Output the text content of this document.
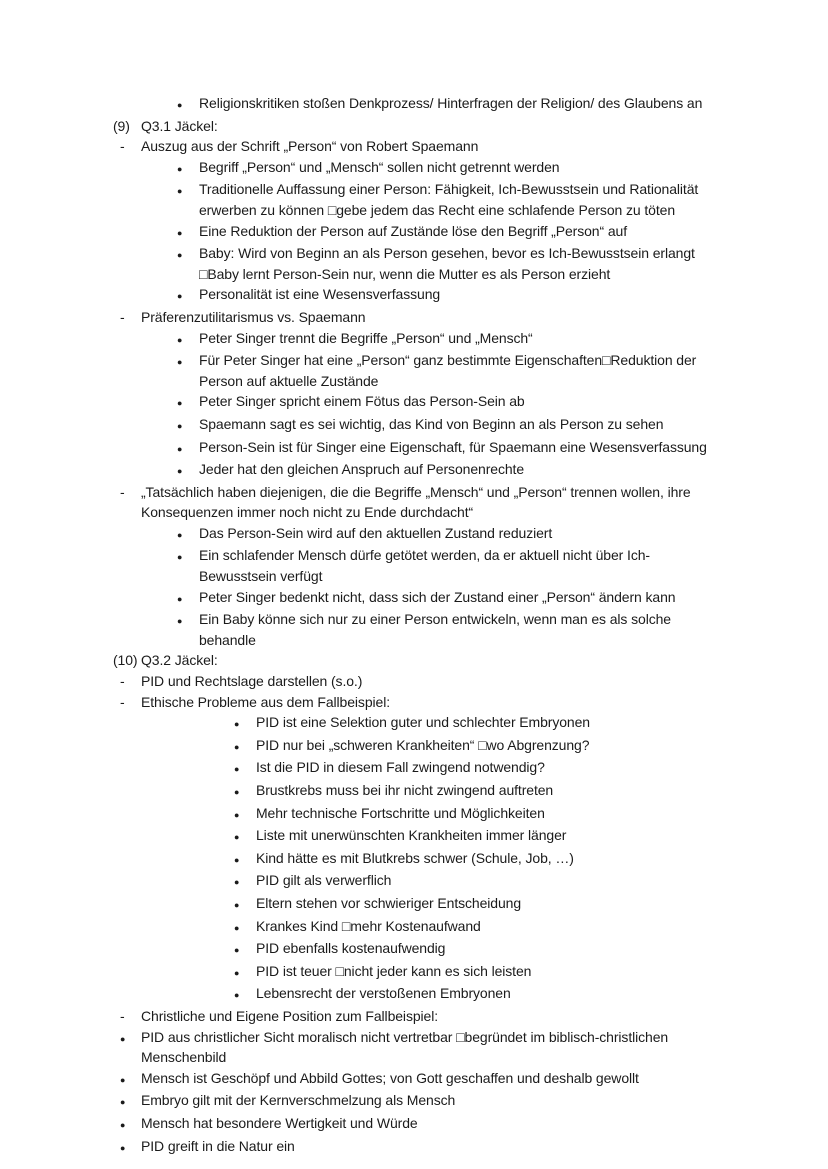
●	Religionskritiken stoßen Denkprozess/ Hinterfragen der Religion/ des Glaubens an
(9) Q3.1 Jäckel:
-	Auszug aus der Schrift „Person“ von Robert Spaemann
●	Begriff „Person“ und „Mensch“ sollen nicht getrennt werden
●	Traditionelle Auffassung einer Person: Fähigkeit, Ich-Bewusstsein und Rationalität erwerben zu können □gebe jedem das Recht eine schlafende Person zu töten
●	Eine Reduktion der Person auf Zustände löse den Begriff „Person“ auf
●	Baby: Wird von Beginn an als Person gesehen, bevor es Ich-Bewusstsein erlangt □Baby lernt Person-Sein nur, wenn die Mutter es als Person erzieht
●	Personalität ist eine Wesensverfassung
-	Präferenzutilitarismus vs. Spaemann
●	Peter Singer trennt die Begriffe „Person“ und „Mensch“
●	Für Peter Singer hat eine „Person“ ganz bestimmte Eigenschaften□Reduktion der Person auf aktuelle Zustände
●	Peter Singer spricht einem Fötus das Person-Sein ab
●	Spaemann sagt es sei wichtig, das Kind von Beginn an als Person zu sehen
●	Person-Sein ist für Singer eine Eigenschaft, für Spaemann eine Wesensverfassung
●	Jeder hat den gleichen Anspruch auf Personenrechte
-	„Tatsächlich haben diejenigen, die die Begriffe „Mensch“ und „Person“ trennen wollen, ihre Konsequenzen immer noch nicht zu Ende durchdacht“
●	Das Person-Sein wird auf den aktuellen Zustand reduziert
●	Ein schlafender Mensch dürfe getötet werden, da er aktuell nicht über Ich-Bewusstsein verfügt
●	Peter Singer bedenkt nicht, dass sich der Zustand einer „Person“ ändern kann
●	Ein Baby könne sich nur zu einer Person entwickeln, wenn man es als solche behandle
(10) Q3.2 Jäckel:
-	PID und Rechtslage darstellen (s.o.)
-	Ethische Probleme aus dem Fallbeispiel:
●	PID ist eine Selektion guter und schlechter Embryonen
●	PID nur bei „schweren Krankheiten“ □wo Abgrenzung?
●	Ist die PID in diesem Fall zwingend notwendig?
●	Brustkrebs muss bei ihr nicht zwingend auftreten
●	Mehr technische Fortschritte und Möglichkeiten
●	Liste mit unerwünschten Krankheiten immer länger
●	Kind hätte es mit Blutkrebs schwer (Schule, Job, …)
●	PID gilt als verwerflich
●	Eltern stehen vor schwieriger Entscheidung
●	Krankes Kind □mehr Kostenaufwand
●	PID ebenfalls kostenaufwendig
●	PID ist teuer □nicht jeder kann es sich leisten
●	Lebensrecht der verstoßenen Embryonen
-	Christliche und Eigene Position zum Fallbeispiel:
●	PID aus christlicher Sicht moralisch nicht vertretbar □begründet im biblisch-christlichen Menschenbild
●	Mensch ist Geschöpf und Abbild Gottes; von Gott geschaffen und deshalb gewollt
●	Embryo gilt mit der Kernverschmelzung als Mensch
●	Mensch hat besondere Wertigkeit und Würde
●	PID greift in die Natur ein
